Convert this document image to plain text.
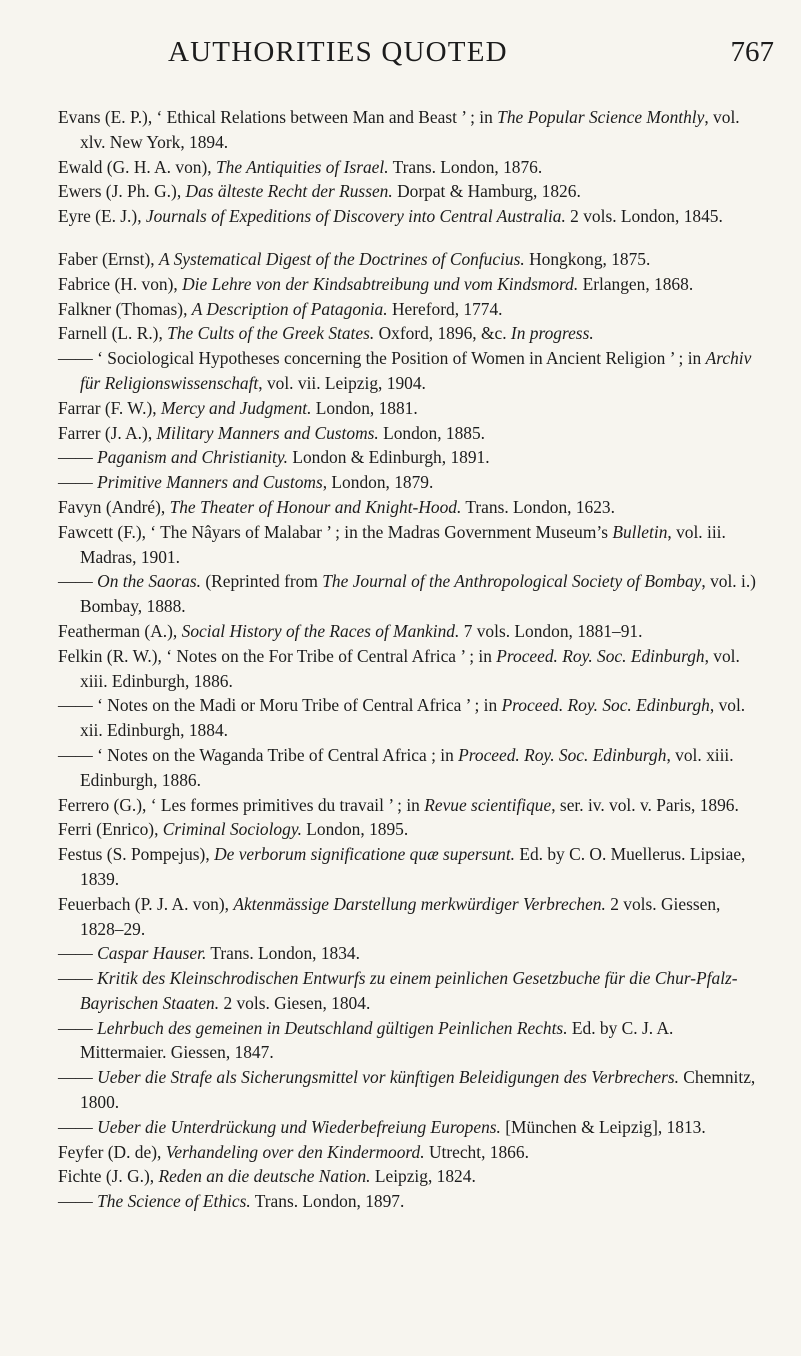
AUTHORITIES QUOTED	767

Evans (E. P.), ‘ Ethical Relations between Man and Beast ’ ; in The Popular Science Monthly, vol. xlv. New York, 1894.

Ewald (G. H. A. von), The Antiquities of Israel. Trans. London, 1876.

Ewers (J. Ph. G.), Das älteste Recht der Russen. Dorpat & Hamburg, 1826.

Eyre (E. J.), Journals of Expeditions of Discovery into Central Australia. 2 vols. London, 1845.

Faber (Ernst), A Systematical Digest of the Doctrines of Confucius. Hongkong, 1875.

Fabrice (H. von), Die Lehre von der Kindsabtreibung und vom Kindsmord. Erlangen, 1868.

Falkner (Thomas), A Description of Patagonia. Hereford, 1774.

Farnell (L. R.), The Cults of the Greek States. Oxford, 1896, &c. In progress.

—— ‘ Sociological Hypotheses concerning the Position of Women in Ancient Religion ’ ; in Archiv für Religionswissenschaft, vol. vii. Leipzig, 1904.

Farrar (F. W.), Mercy and Judgment. London, 1881.

Farrer (J. A.), Military Manners and Customs. London, 1885.

—— Paganism and Christianity. London & Edinburgh, 1891.

—— Primitive Manners and Customs, London, 1879.

Favyn (André), The Theater of Honour and Knight-Hood. Trans. London, 1623.

Fawcett (F.), ‘ The Nâyars of Malabar ’ ; in the Madras Government Museum’s Bulletin, vol. iii. Madras, 1901.

—— On the Saoras. (Reprinted from The Journal of the Anthropological Society of Bombay, vol. i.) Bombay, 1888.

Featherman (A.), Social History of the Races of Mankind. 7 vols. London, 1881–91.

Felkin (R. W.), ‘ Notes on the For Tribe of Central Africa ’ ; in Proceed. Roy. Soc. Edinburgh, vol. xiii. Edinburgh, 1886.

—— ‘ Notes on the Madi or Moru Tribe of Central Africa ’ ; in Proceed. Roy. Soc. Edinburgh, vol. xii. Edinburgh, 1884.

—— ‘ Notes on the Waganda Tribe of Central Africa ; in Proceed. Roy. Soc. Edinburgh, vol. xiii. Edinburgh, 1886.

Ferrero (G.), ‘ Les formes primitives du travail ’ ; in Revue scientifique, ser. iv. vol. v. Paris, 1896.

Ferri (Enrico), Criminal Sociology. London, 1895.

Festus (S. Pompejus), De verborum significatione quæ supersunt. Ed. by C. O. Muellerus. Lipsiae, 1839.

Feuerbach (P. J. A. von), Aktenmässige Darstellung merkwürdiger Verbrechen. 2 vols. Giessen, 1828–29.

—— Caspar Hauser. Trans. London, 1834.

—— Kritik des Kleinschrodischen Entwurfs zu einem peinlichen Gesetzbuche für die Chur-Pfalz-Bayrischen Staaten. 2 vols. Giesen, 1804.

—— Lehrbuch des gemeinen in Deutschland gültigen Peinlichen Rechts. Ed. by C. J. A. Mittermaier. Giessen, 1847.

—— Ueber die Strafe als Sicherungsmittel vor künftigen Beleidigungen des Verbrechers. Chemnitz, 1800.

—— Ueber die Unterdrückung und Wiederbefreiung Europens. [München & Leipzig], 1813.

Feyfer (D. de), Verhandeling over den Kindermoord. Utrecht, 1866.

Fichte (J. G.), Reden an die deutsche Nation. Leipzig, 1824.

—— The Science of Ethics. Trans. London, 1897.
